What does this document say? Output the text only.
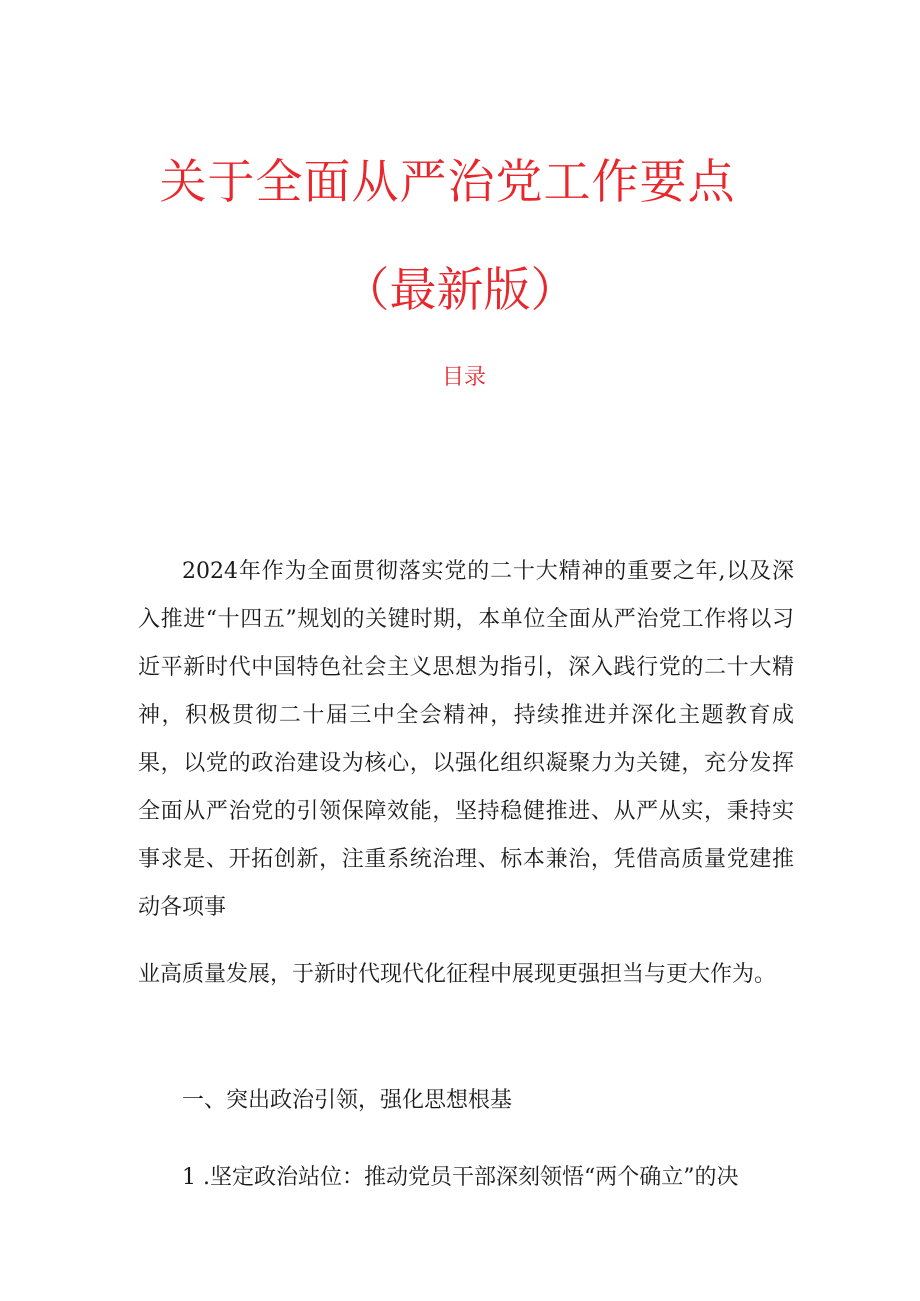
关于全面从严治党工作要点
（最新版）
目录

2024年作为全面贯彻落实党的二十大精神的重要之年,以及深入推进“十四五”规划的关键时期，本单位全面从严治党工作将以习近平新时代中国特色社会主义思想为指引，深入践行党的二十大精神，积极贯彻二十届三中全会精神，持续推进并深化主题教育成果，以党的政治建设为核心，以强化组织凝聚力为关键，充分发挥全面从严治党的引领保障效能，坚持稳健推进、从严从实，秉持实事求是、开拓创新，注重系统治理、标本兼治，凭借高质量党建推动各项事

业高质量发展，于新时代现代化征程中展现更强担当与更大作为。

一、突出政治引领，强化思想根基

1 .坚定政治站位：推动党员干部深刻领悟“两个确立”的决
